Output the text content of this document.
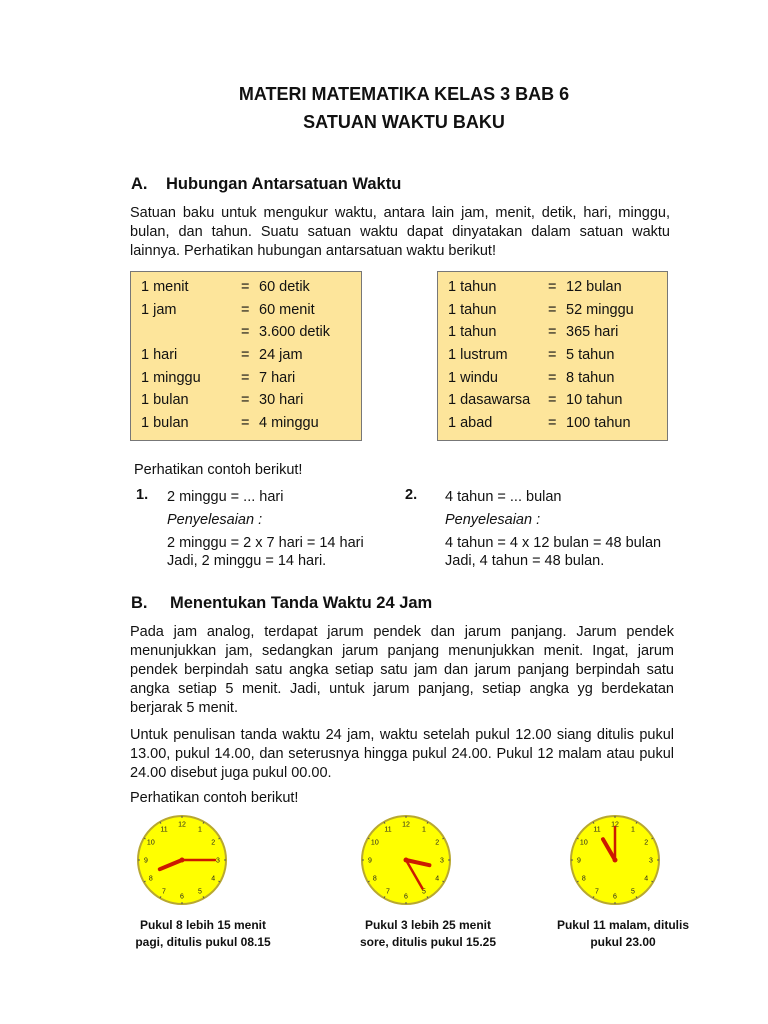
MATERI MATEMATIKA KELAS 3 BAB 6
SATUAN WAKTU BAKU
A. Hubungan Antarsatuan Waktu
Satuan baku untuk mengukur waktu, antara lain jam, menit, detik, hari, minggu, bulan, dan tahun. Suatu satuan waktu dapat dinyatakan dalam satuan waktu lainnya. Perhatikan hubungan antarsatuan waktu berikut!
1 menit	= 60 detik
1 jam	= 60 menit
= 3.600 detik
1 hari	= 24 jam
1 minggu	= 7 hari
1 bulan	= 30 hari
1 bulan	= 4 minggu
1 tahun	= 12 bulan
1 tahun	= 52 minggu
1 tahun	= 365 hari
1 lustrum	= 5 tahun
1 windu	= 8 tahun
1 dasawarsa	= 10 tahun
1 abad	= 100 tahun
Perhatikan contoh berikut!
1. 2 minggu = ... hari
Penyelesaian :
2 minggu = 2 x 7 hari = 14 hari
Jadi, 2 minggu = 14 hari.
2. 4 tahun = ... bulan
Penyelesaian :
4 tahun = 4 x 12 bulan = 48 bulan
Jadi, 4 tahun = 48 bulan.
B. Menentukan Tanda Waktu 24 Jam
Pada jam analog, terdapat jarum pendek dan jarum panjang. Jarum pendek menunjukkan jam, sedangkan jarum panjang menunjukkan menit. Ingat, jarum pendek berpindah satu angka setiap satu jam dan jarum panjang berpindah satu angka setiap 5 menit. Jadi, untuk jarum panjang, setiap angka yg berdekatan berjarak 5 menit.
Untuk penulisan tanda waktu 24 jam, waktu setelah pukul 12.00 siang ditulis pukul 13.00, pukul 14.00, dan seterusnya hingga pukul 24.00. Pukul 12 malam atau pukul 24.00 disebut juga pukul 00.00.
Perhatikan contoh berikut!
12
1
2
3
4
5
6
7
8
9
10
11
Pukul 8 lebih 15 menit
pagi, ditulis pukul 08.15
12
1
2
3
4
5
6
7
8
9
10
11
Pukul 3 lebih 25 menit
sore, ditulis pukul 15.25
12
1
2
3
4
5
6
7
8
9
10
11
Pukul 11 malam, ditulis
pukul 23.00
